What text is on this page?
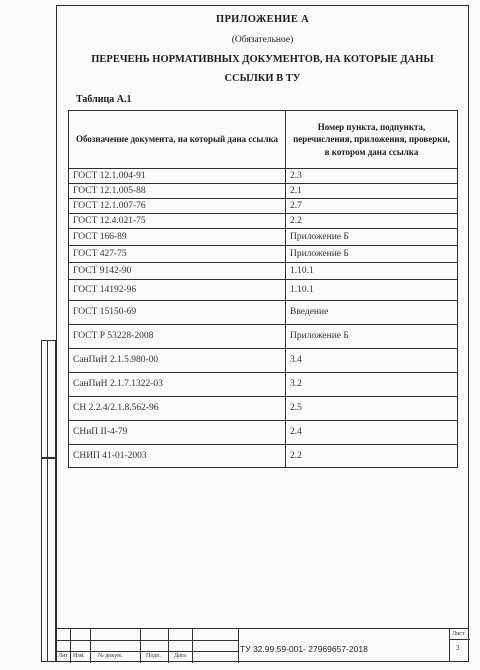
ПРИЛОЖЕНИЕ А
(Обязательное)
ПЕРЕЧЕНЬ НОРМАТИВНЫХ ДОКУМЕНТОВ, НА КОТОРЫЕ ДАНЫ
ССЫЛКИ В ТУ
Таблица А.1
Обозначение документа, на который дана ссылка	Номер пункта, подпункта, перечисления, приложения, проверки, в котором дана ссылка
ГОСТ 12.1.004-91	2.3
ГОСТ 12.1.005-88	2.1
ГОСТ 12.1.007-76	2.7
ГОСТ 12.4.021-75	2.2
ГОСТ 166-89	Приложение Б
ГОСТ 427-75	Приложение Б
ГОСТ 9142-90	1.10.1
ГОСТ 14192-96	1.10.1
ГОСТ 15150-69	Введение
ГОСТ Р 53228-2008	Приложение Б
СанПиН 2.1.5.980-00	3.4
СанПиН 2.1.7.1322-03	3.2
СН 2.2.4/2.1.8.562-96	2.5
СНиП II-4-79	2.4
СНИП 41-01-2003	2.2
Лит Изм. № докум.	Подп. Дата
ТУ 32.99.59-001- 27969657-2018
Лист
3
